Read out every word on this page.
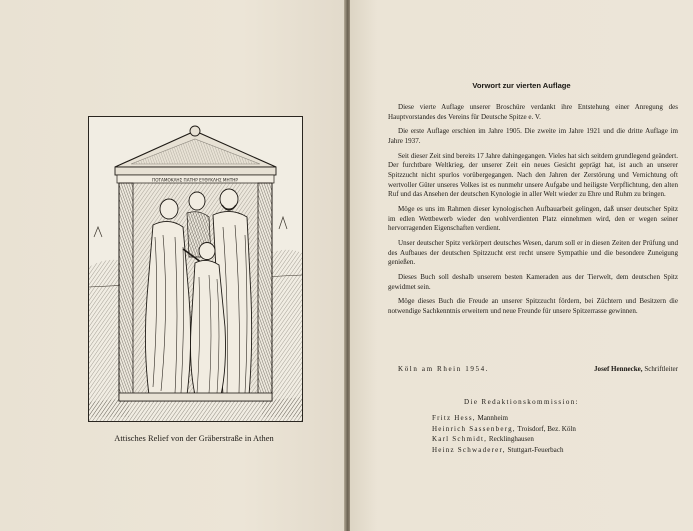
ΠΟΤΑΜΟΚΛΗΣ ΠΑΤΗΡ ΕΥΘΥΚΛΗΣ ΜΗΤΗΡ
Attisches Relief von der Gräberstraße in Athen
Vorwort zur vierten Auflage

Diese vierte Auflage unserer Broschüre verdankt ihre Entstehung einer Anregung des Hauptvorstandes des Vereins für Deutsche Spitze e. V.

Die erste Auflage erschien im Jahre 1905. Die zweite im Jahre 1921 und die dritte Auflage im Jahre 1937.

Seit dieser Zeit sind bereits 17 Jahre dahingegangen. Vieles hat sich seitdem grundlegend geändert. Der furchtbare Weltkrieg, der unserer Zeit ein neues Gesicht geprägt hat, ist auch an unserer Spitzzucht nicht spurlos vorübergegangen. Nach den Jahren der Zerstörung und Vernichtung oft wertvoller Güter unseres Volkes ist es nunmehr unsere Aufgabe und heiligste Verpflichtung, den alten Ruf und das Ansehen der deutschen Kynologie in aller Welt wieder zu Ehre und Ruhm zu bringen.

Möge es uns im Rahmen dieser kynologischen Aufbauarbeit gelingen, daß unser deutscher Spitz im edlen Wettbewerb wieder den wohlverdienten Platz einnehmen wird, den er wegen seiner hervorragenden Eigenschaften verdient.

Unser deutscher Spitz verkörpert deutsches Wesen, darum soll er in diesen Zeiten der Prüfung und des Aufbaues der deutschen Spitzzucht erst recht unsere Sympathie und die besondere Zuneigung genießen.

Dieses Buch soll deshalb unserem besten Kameraden aus der Tierwelt, dem deutschen Spitz gewidmet sein.

Möge dieses Buch die Freude an unserer Spitzzucht fördern, bei Züchtern und Besitzern die notwendige Sachkenntnis erweitern und neue Freunde für unsere Spitzerrasse gewinnen.

Köln am Rhein 1954.	Josef Hennecke, Schriftleiter
Die Redaktionskommission:
Fritz Hess, Mannheim
Heinrich Sassenberg, Troisdorf, Bez. Köln
Karl Schmidt, Recklinghausen
Heinz Schwaderer, Stuttgart-Feuerbach
